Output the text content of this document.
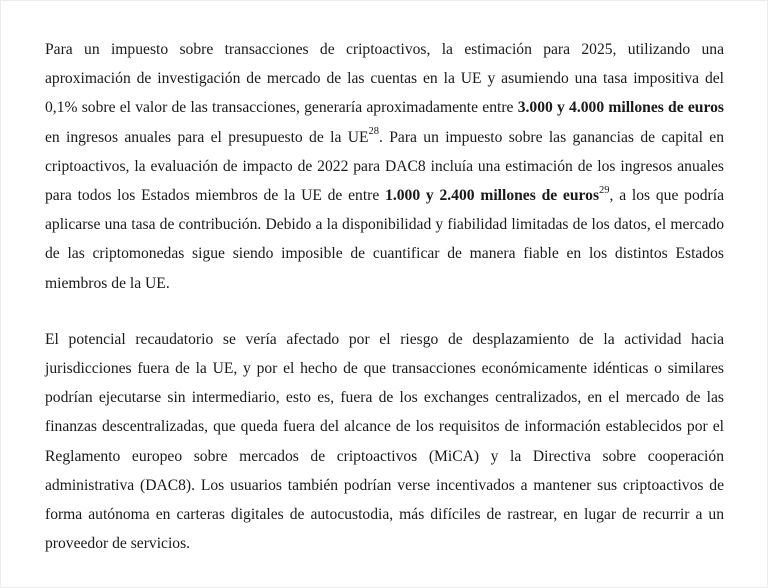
Para un impuesto sobre transacciones de criptoactivos, la estimación para 2025, utilizando una aproximación de investigación de mercado de las cuentas en la UE y asumiendo una tasa impositiva del 0,1% sobre el valor de las transacciones, generaría aproximadamente entre 3.000 y 4.000 millones de euros en ingresos anuales para el presupuesto de la UE$^{28}$. Para un impuesto sobre las ganancias de capital en criptoactivos, la evaluación de impacto de 2022 para DAC8 incluía una estimación de los ingresos anuales para todos los Estados miembros de la UE de entre 1.000 y 2.400 millones de euros$^{29}$, a los que podría aplicarse una tasa de contribución. Debido a la disponibilidad y fiabilidad limitadas de los datos, el mercado de las criptomonedas sigue siendo imposible de cuantificar de manera fiable en los distintos Estados miembros de la UE.

El potencial recaudatorio se vería afectado por el riesgo de desplazamiento de la actividad hacia jurisdicciones fuera de la UE, y por el hecho de que transacciones económicamente idénticas o similares podrían ejecutarse sin intermediario, esto es, fuera de los exchanges centralizados, en el mercado de las finanzas descentralizadas, que queda fuera del alcance de los requisitos de información establecidos por el Reglamento europeo sobre mercados de criptoactivos (MiCA) y la Directiva sobre cooperación administrativa (DAC8). Los usuarios también podrían verse incentivados a mantener sus criptoactivos de forma autónoma en carteras digitales de autocustodia, más difíciles de rastrear, en lugar de recurrir a un proveedor de servicios.
